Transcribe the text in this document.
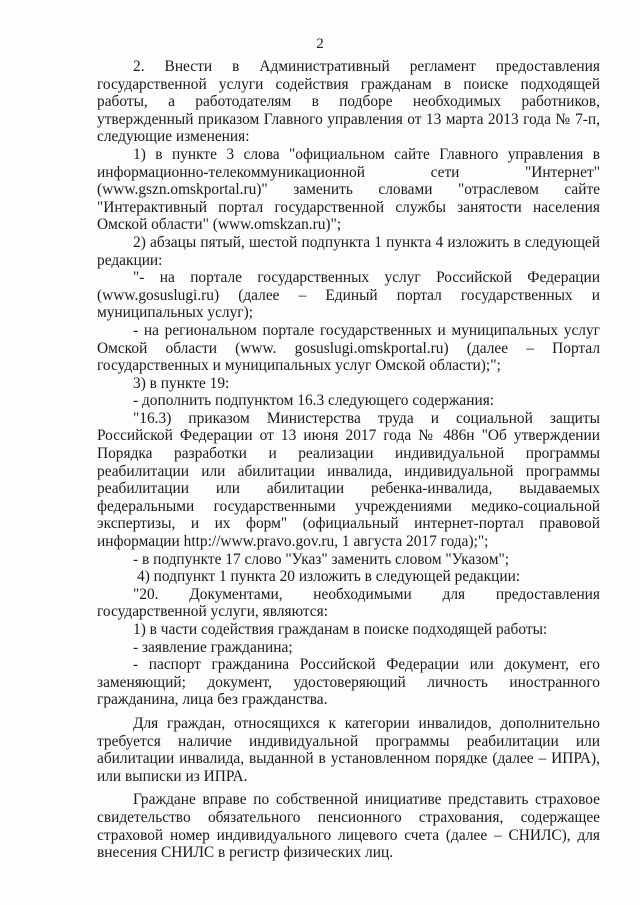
2

2. Внести в Административный регламент предоставления государственной услуги содействия гражданам в поиске подходящей работы, а работодателям в подборе необходимых работников, утвержденный приказом Главного управления от 13 марта 2013 года № 7-п, следующие изменения:

1) в пункте 3 слова "официальном сайте Главного управления в информационно-телекоммуникационной сети "Интернет" (www.gszn.omskportal.ru)" заменить словами "отраслевом сайте "Интерактивный портал государственной службы занятости населения Омской области" (www.omskzan.ru)";

2) абзацы пятый, шестой подпункта 1 пункта 4 изложить в следующей редакции:

"- на портале государственных услуг Российской Федерации (www.gosuslugi.ru) (далее – Единый портал государственных и муниципальных услуг);

- на региональном портале государственных и муниципальных услуг Омской области (www. gosuslugi.omskportal.ru) (далее – Портал государственных и муниципальных услуг Омской области);";

3) в пункте 19:

- дополнить подпунктом 16.3 следующего содержания:

"16.3) приказом Министерства труда и социальной защиты Российской Федерации от 13 июня 2017 года № 486н "Об утверждении Порядка разработки и реализации индивидуальной программы реабилитации или абилитации инвалида, индивидуальной программы реабилитации или абилитации ребенка-инвалида, выдаваемых федеральными государственными учреждениями медико-социальной экспертизы, и их форм" (официальный интернет-портал правовой информации http://www.pravo.gov.ru, 1 августа 2017 года);";

- в подпункте 17 слово "Указ" заменить словом "Указом";

4) подпункт 1 пункта 20 изложить в следующей редакции:

"20. Документами, необходимыми для предоставления государственной услуги, являются:

1) в части содействия гражданам в поиске подходящей работы:

- заявление гражданина;

- паспорт гражданина Российской Федерации или документ, его заменяющий; документ, удостоверяющий личность иностранного гражданина, лица без гражданства.

Для граждан, относящихся к категории инвалидов, дополнительно требуется наличие индивидуальной программы реабилитации или абилитации инвалида, выданной в установленном порядке (далее – ИПРА), или выписки из ИПРА.

Граждане вправе по собственной инициативе представить страховое свидетельство обязательного пенсионного страхования, содержащее страховой номер индивидуального лицевого счета (далее – СНИЛС), для внесения СНИЛС в регистр физических лиц.
